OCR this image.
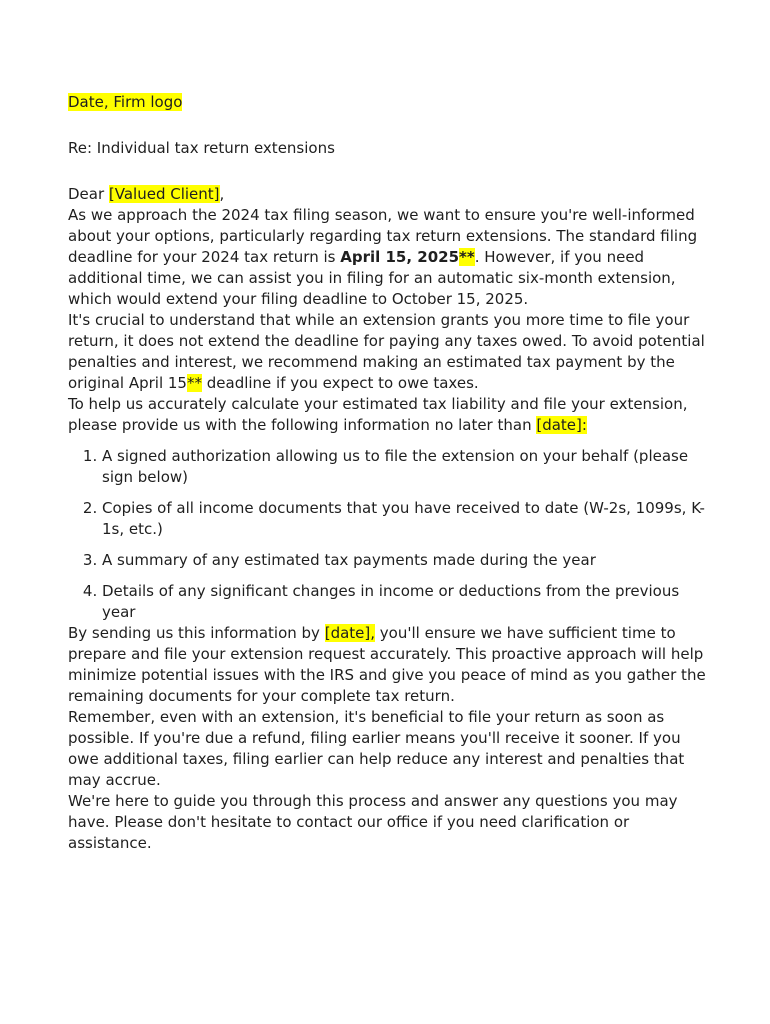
Date, Firm logo
Re: Individual tax return extensions
Dear [Valued Client],

As we approach the 2024 tax filing season, we want to ensure you're well-informed about your options, particularly regarding tax return extensions. The standard filing deadline for your 2024 tax return is April 15, 2025**. However, if you need additional time, we can assist you in filing for an automatic six-month extension, which would extend your filing deadline to October 15, 2025.

It's crucial to understand that while an extension grants you more time to file your return, it does not extend the deadline for paying any taxes owed. To avoid potential penalties and interest, we recommend making an estimated tax payment by the original April 15** deadline if you expect to owe taxes.

To help us accurately calculate your estimated tax liability and file your extension, please provide us with the following information no later than [date]:

1. A signed authorization allowing us to file the extension on your behalf (please sign below)
2. Copies of all income documents that you have received to date (W-2s, 1099s, K-1s, etc.)
3. A summary of any estimated tax payments made during the year
4. Details of any significant changes in income or deductions from the previous year

By sending us this information by [date], you'll ensure we have sufficient time to prepare and file your extension request accurately. This proactive approach will help minimize potential issues with the IRS and give you peace of mind as you gather the remaining documents for your complete tax return.

Remember, even with an extension, it's beneficial to file your return as soon as possible. If you're due a refund, filing earlier means you'll receive it sooner. If you owe additional taxes, filing earlier can help reduce any interest and penalties that may accrue.

We're here to guide you through this process and answer any questions you may have. Please don't hesitate to contact our office if you need clarification or assistance.
